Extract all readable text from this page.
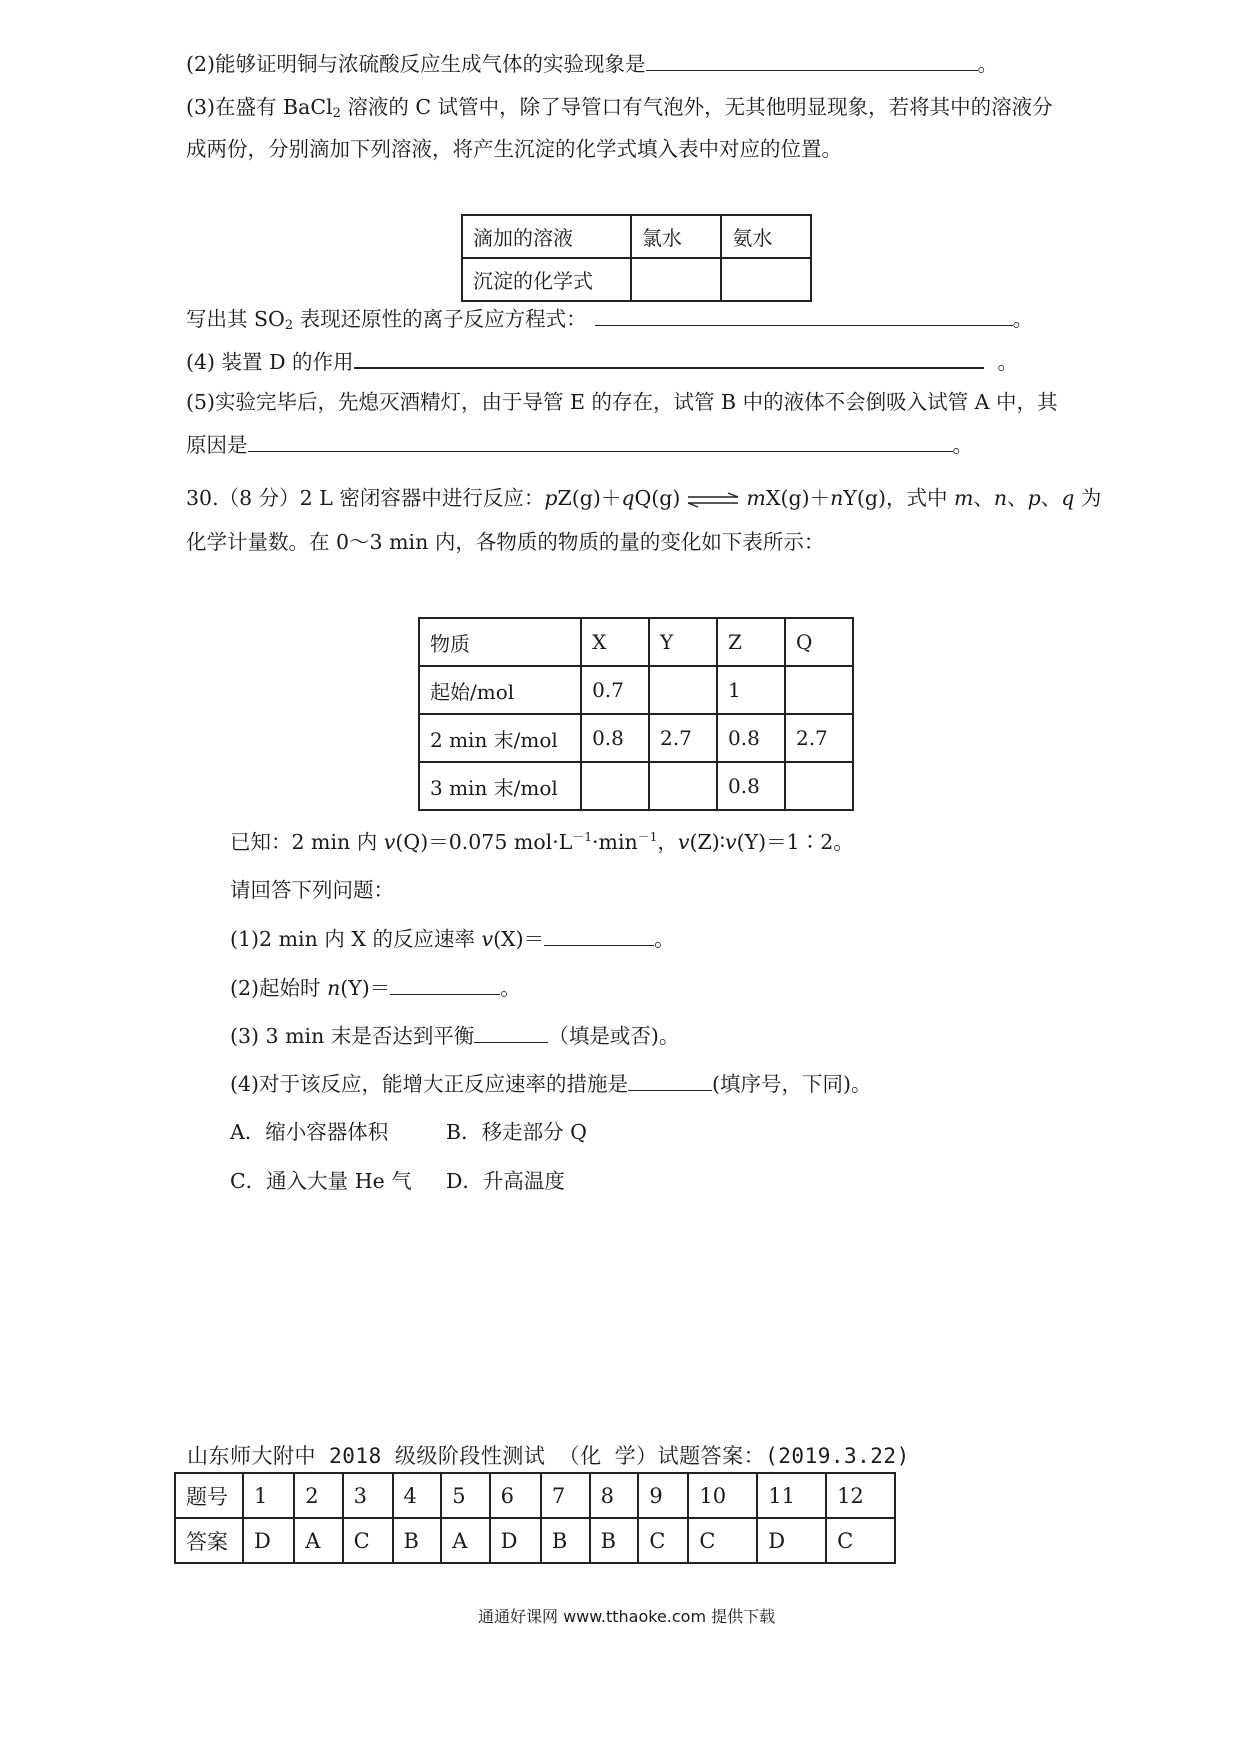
(2)能够证明铜与浓硫酸反应生成气体的实验现象是	。
(3)在盛有 BaCl$_2$ 溶液的 C 试管中，除了导管口有气泡外，无其他明显现象，若将其中的溶液分
成两份，分别滴加下列溶液，将产生沉淀的化学式填入表中对应的位置。
滴加的溶液	氯水	氨水
沉淀的化学式		
写出其 $SO_2$ 表现还原性的离子反应方程式：	。
(4) 装置 D 的作用	。
(5)实验完毕后，先熄灭酒精灯，由于导管 E 的存在，试管 B 中的液体不会倒吸入试管 A 中，其
原因是	。
30.（8 分）2 L 密闭容器中进行反应：pZ(g)＋qQ(g) ⇌ mX(g)＋nY(g)，式中 m、n、p、q 为
化学计量数。在 0～3 min 内，各物质的物质的量的变化如下表所示：
物质	X	Y	Z	Q
起始/mol	0.7		1	
2 min 末/mol	0.8	2.7	0.8	2.7
3 min 末/mol			0.8	
已知：2 min 内 v(Q)＝0.075 $mol\cdot L^{-1}\cdot\min^{-1}$，v(Z)∶v(Y)＝1∶2。
请回答下列问题：
(1)2 min 内 X 的反应速率 v(X)＝	。
(2)起始时 n(Y)＝	。
(3) 3 min 末是否达到平衡	（填是或否)。
(4)对于该反应，能增大正反应速率的措施是	(填序号，下同)。
A．缩小容器体积	B．移走部分 Q
C．通入大量 He 气 D．升高温度
山东师大附中 2018 级级阶段性测试 （化 学）试题答案：(2019.3.22)
题号	1	2	3	4	5	6	7	8	9	10	11	12
答案	D	A	C	B	A	D	B	B	C	C	D	C
通通好课网 www.tthaoke.com 提供下载
